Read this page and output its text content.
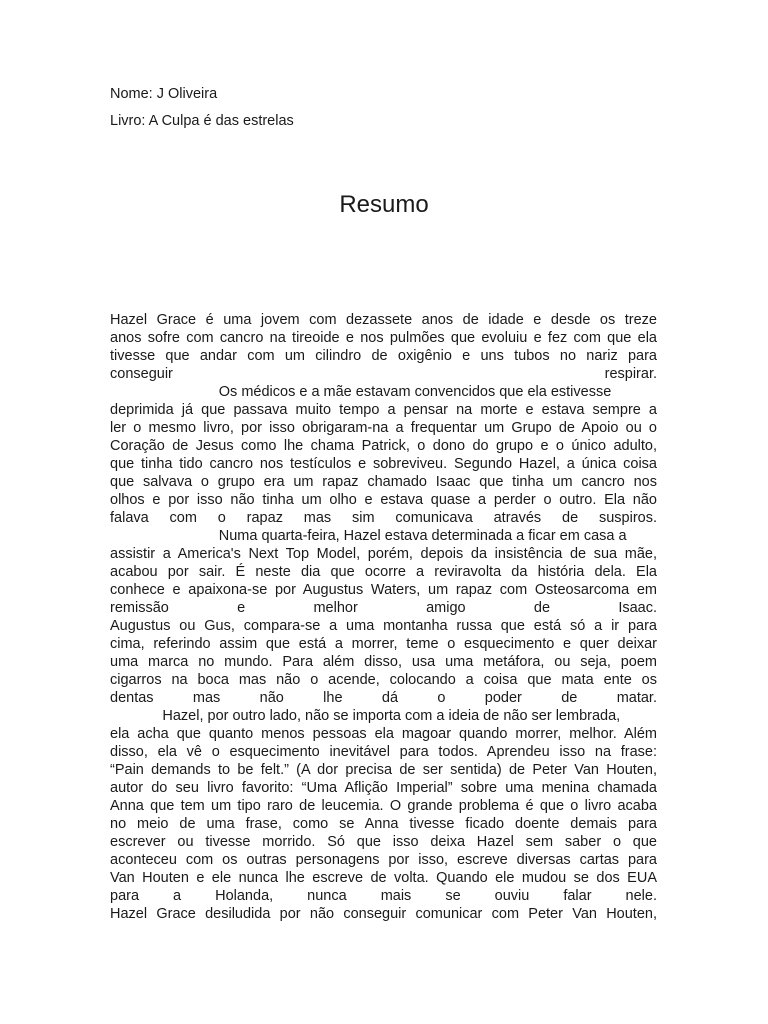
Nome: J Oliveira
Livro: A Culpa é das estrelas
Resumo
Hazel Grace é uma jovem com dezassete anos de idade e desde os treze
anos sofre com cancro na tireoide e nos pulmões que evoluiu e fez com que ela
tivesse que andar com um cilindro de oxigênio e uns tubos no nariz para
conseguir respirar.
Os médicos e a mãe estavam convencidos que ela estivesse
deprimida já que passava muito tempo a pensar na morte e estava sempre a
ler o mesmo livro, por isso obrigaram-na a frequentar um Grupo de Apoio ou o
Coração de Jesus como lhe chama Patrick, o dono do grupo e o único adulto,
que tinha tido cancro nos testículos e sobreviveu. Segundo Hazel, a única coisa
que salvava o grupo era um rapaz chamado Isaac que tinha um cancro nos
olhos e por isso não tinha um olho e estava quase a perder o outro. Ela não
falava com o rapaz mas sim comunicava através de suspiros.
Numa quarta-feira, Hazel estava determinada a ficar em casa a
assistir a America's Next Top Model, porém, depois da insistência de sua mãe,
acabou por sair. É neste dia que ocorre a reviravolta da história dela. Ela
conhece e apaixona-se por Augustus Waters, um rapaz com Osteosarcoma em
remissão e melhor amigo de Isaac.
Augustus ou Gus, compara-se a uma montanha russa que está só a ir para
cima, referindo assim que está a morrer, teme o esquecimento e quer deixar
uma marca no mundo. Para além disso, usa uma metáfora, ou seja, poem
cigarros na boca mas não o acende, colocando a coisa que mata ente os
dentas mas não lhe dá o poder de matar.
Hazel, por outro lado, não se importa com a ideia de não ser lembrada,
ela acha que quanto menos pessoas ela magoar quando morrer, melhor. Além
disso, ela vê o esquecimento inevitável para todos. Aprendeu isso na frase:
“Pain demands to be felt.” (A dor precisa de ser sentida) de Peter Van Houten,
autor do seu livro favorito: “Uma Aflição Imperial” sobre uma menina chamada
Anna que tem um tipo raro de leucemia. O grande problema é que o livro acaba
no meio de uma frase, como se Anna tivesse ficado doente demais para
escrever ou tivesse morrido. Só que isso deixa Hazel sem saber o que
aconteceu com os outras personagens por isso, escreve diversas cartas para
Van Houten e ele nunca lhe escreve de volta. Quando ele mudou se dos EUA
para a Holanda, nunca mais se ouviu falar nele.
Hazel Grace desiludida por não conseguir comunicar com Peter Van Houten,
